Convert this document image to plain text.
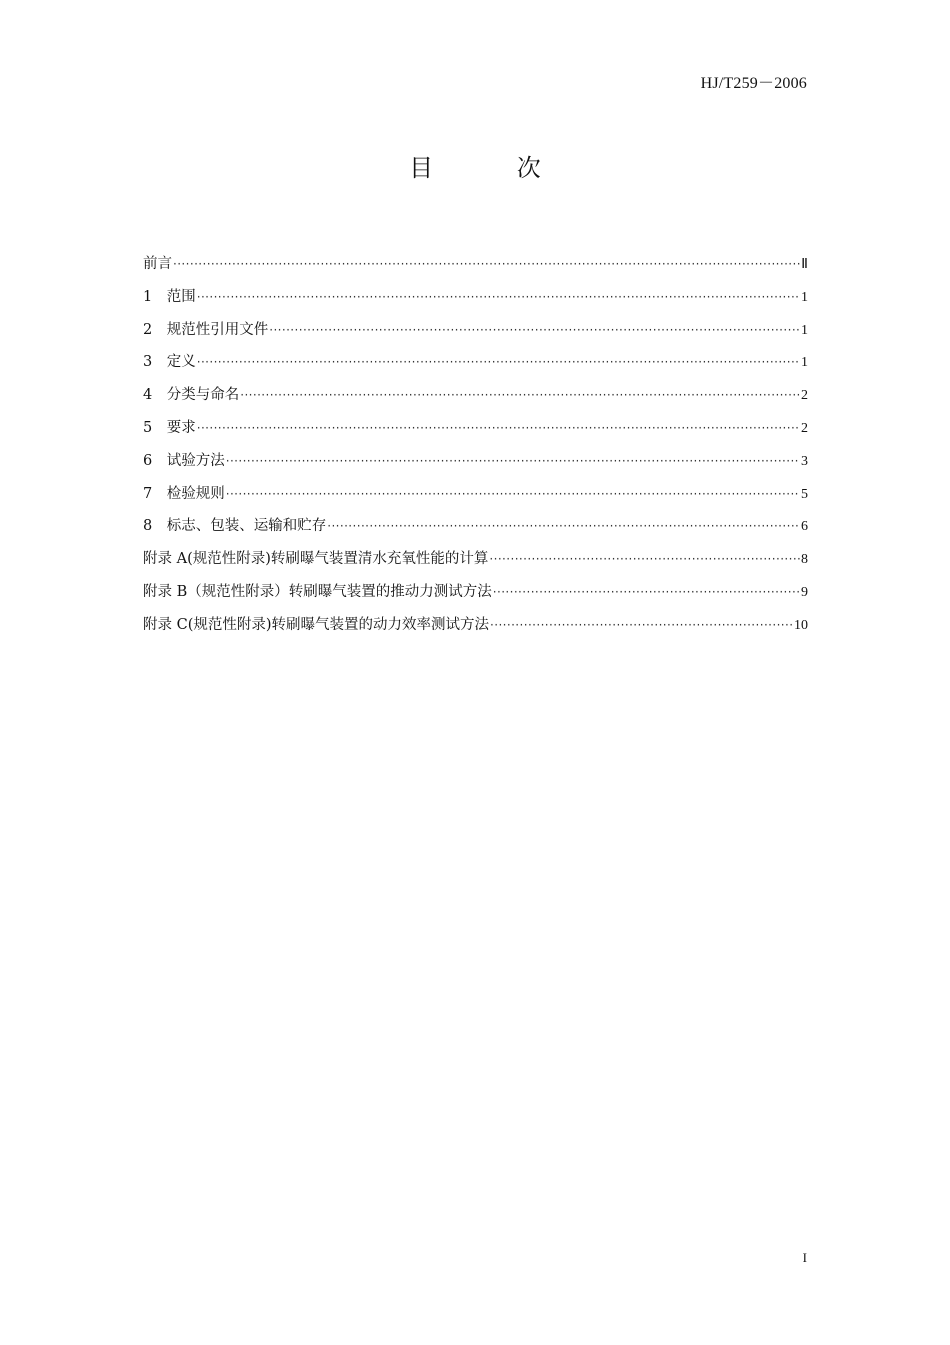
HJ/T259－2006
目 次
前言 ·····	Ⅱ
1　范围 ·····	1
2　规范性引用文件 ·····	1
3　定义 ·····	1
4　分类与命名 ·····	2
5　要求 ·····	2
6　试验方法 ·····	3
7　检验规则 ·····	5
8　标志、包装、运输和贮存 ·····	6
附录 A(规范性附录)转刷曝气装置清水充氧性能的计算 ·····	8
附录 B（规范性附录）转刷曝气装置的推动力测试方法 ·····	9
附录 C(规范性附录)转刷曝气装置的动力效率测试方法 ·····	10
I
